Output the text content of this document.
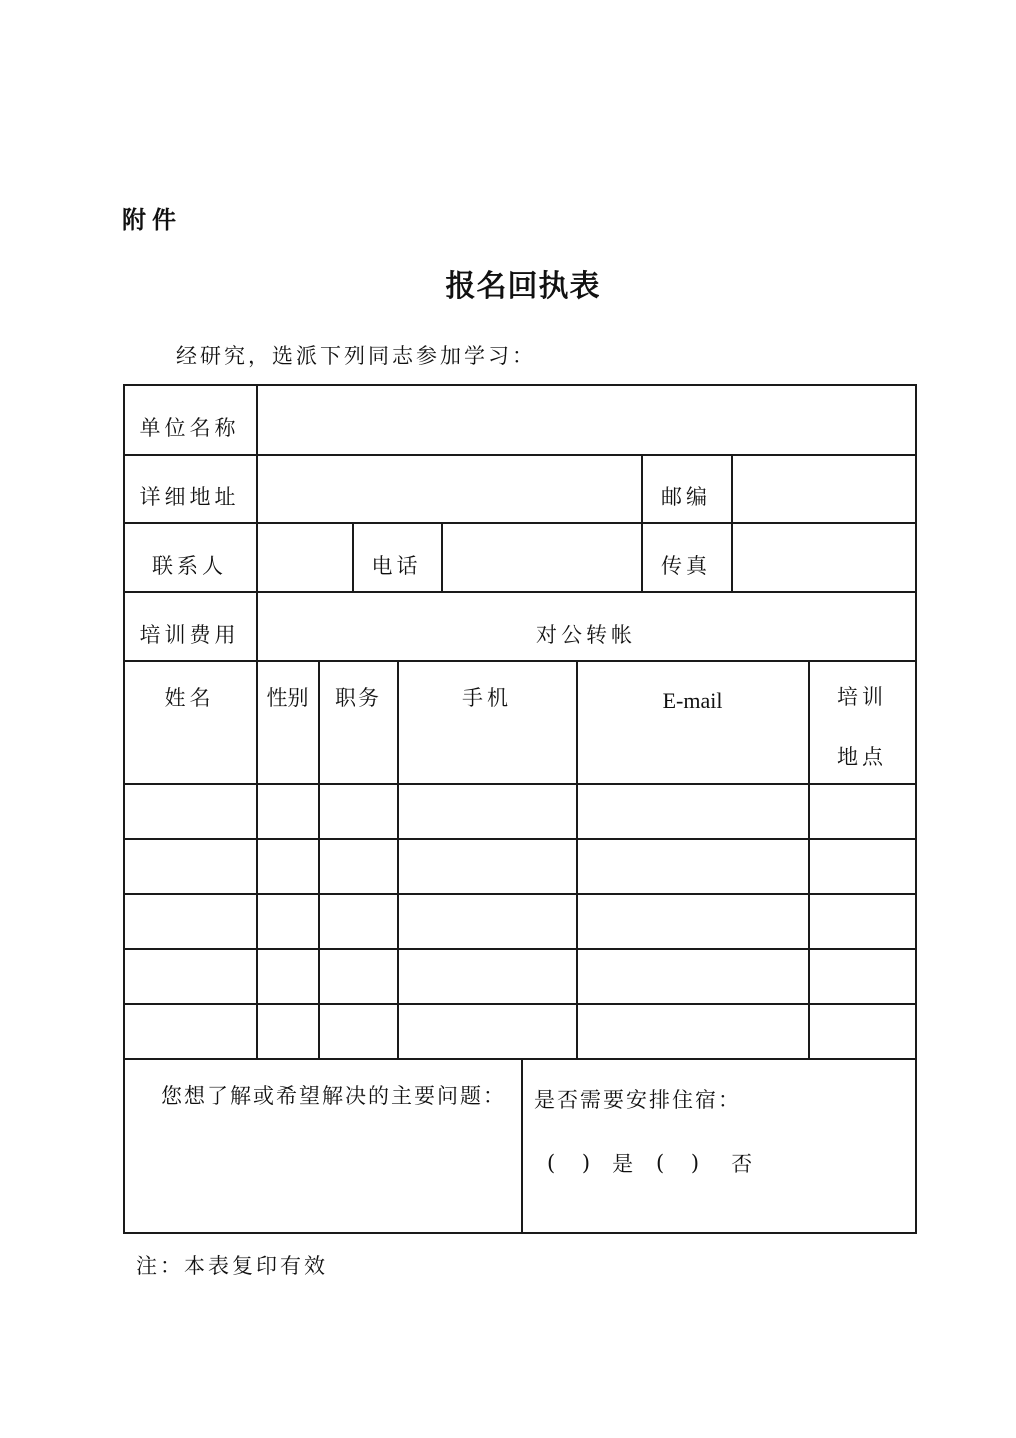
附件
报名回执表
经研究，选派下列同志参加学习：
单位名称
详细地址	邮编
联系人	电话	传真
培训费用	对公转帐
姓名	性别	职务	手机	E-mail	培训
地点
您想了解或希望解决的主要问题： 是否需要安排住宿：
( ) 是 ( ) 否
注：本表复印有效
